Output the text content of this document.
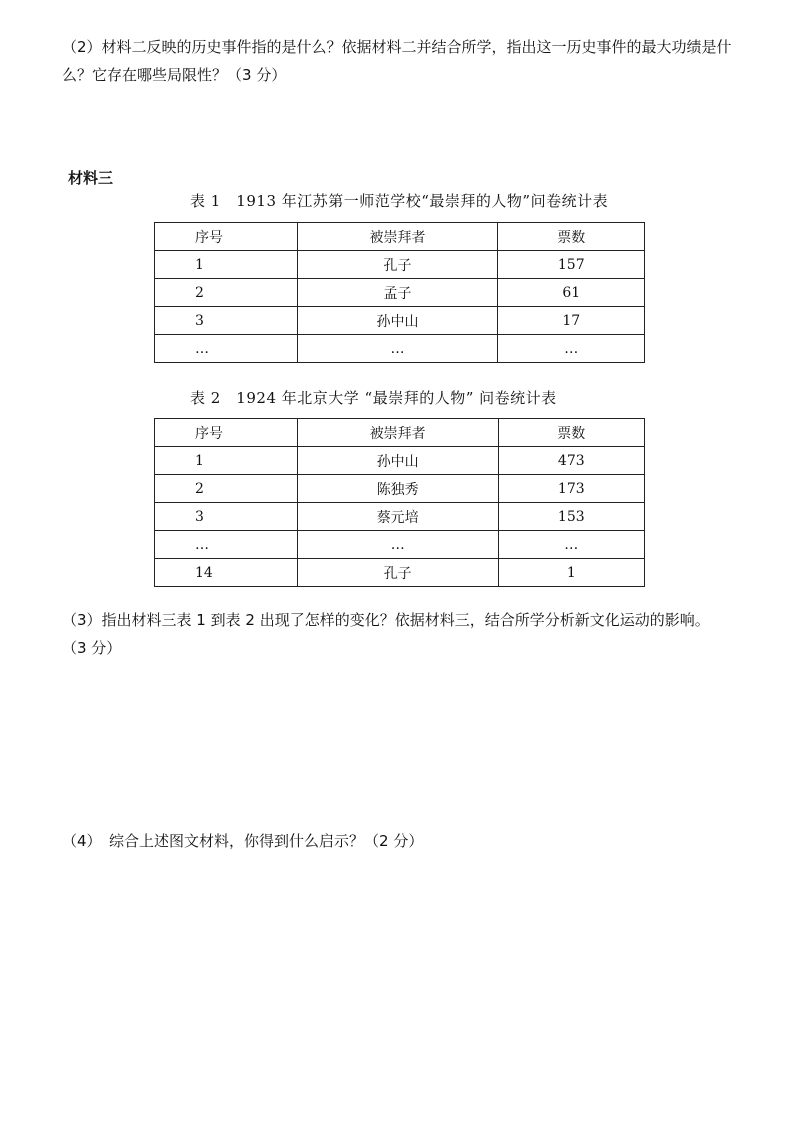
（2）材料二反映的历史事件指的是什么？依据材料二并结合所学，指出这一历史事件的最大功绩是什
么？它存在哪些局限性？（3 分）
材料三
表 1　1913 年江苏第一师范学校“最崇拜的人物”问卷统计表
序号	被崇拜者	票数
1	孔子	157
2	孟子	61
3	孙中山	17
…	…	…
表 2　1924 年北京大学 “最崇拜的人物” 问卷统计表
序号	被崇拜者	票数
1	孙中山	473
2	陈独秀	173
3	蔡元培	153
…	…	…
14	孔子	1
（3）指出材料三表 1 到表 2 出现了怎样的变化？依据材料三，结合所学分析新文化运动的影响。
（3 分）
（4）　综合上述图文材料，你得到什么启示？（2 分）
